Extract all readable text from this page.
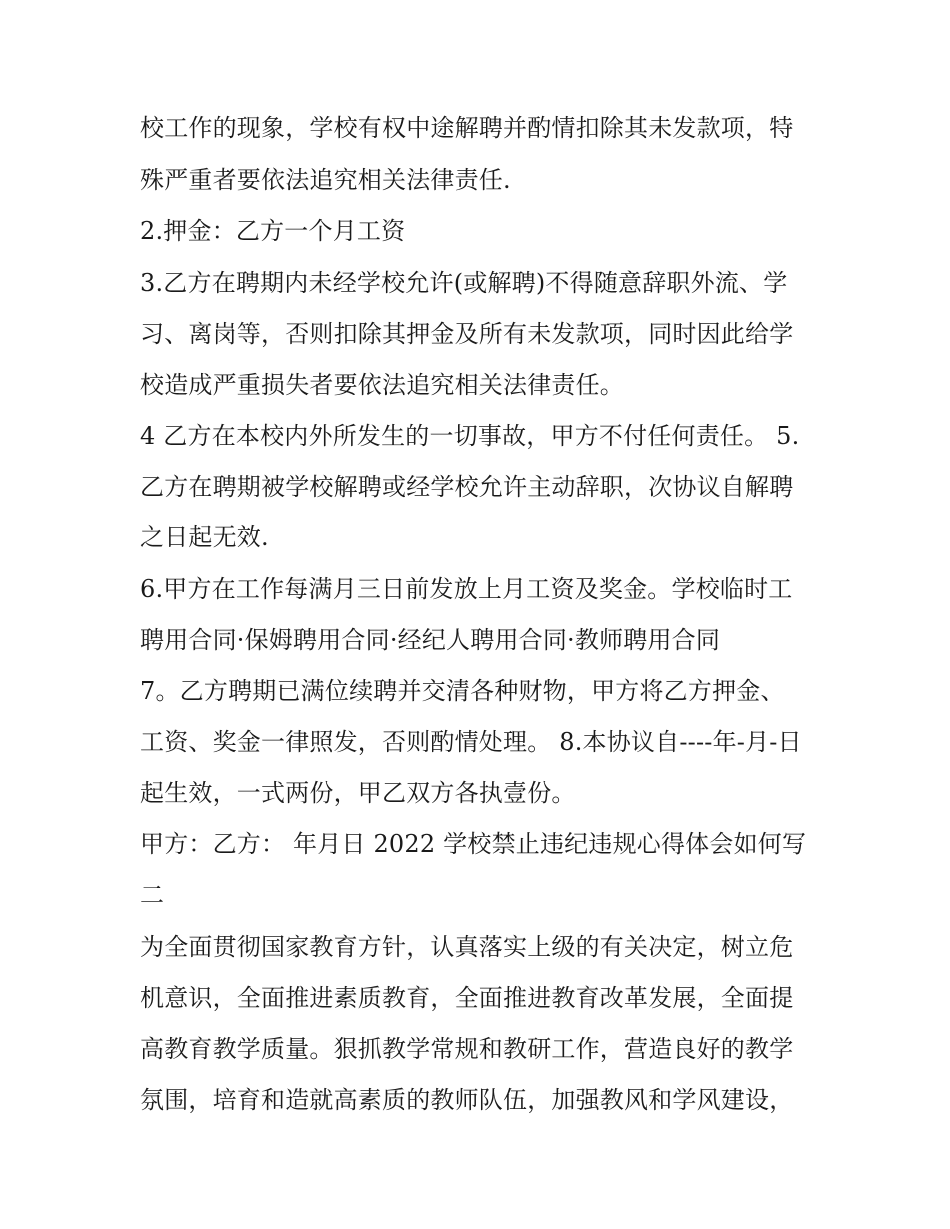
校工作的现象，学校有权中途解聘并酌情扣除其未发款项，特
殊严重者要依法追究相关法律责任.
2.押金：乙方一个月工资
3.乙方在聘期内未经学校允许(或解聘)不得随意辞职外流、学
习、离岗等，否则扣除其押金及所有未发款项，同时因此给学
校造成严重损失者要依法追究相关法律责任。
4 乙方在本校内外所发生的一切事故，甲方不付任何责任。 5.
乙方在聘期被学校解聘或经学校允许主动辞职，次协议自解聘
之日起无效.
6.甲方在工作每满月三日前发放上月工资及奖金。学校临时工
聘用合同·保姆聘用合同·经纪人聘用合同·教师聘用合同
7。乙方聘期已满位续聘并交清各种财物，甲方将乙方押金、
工资、奖金一律照发，否则酌情处理。 8.本协议自----年-月-日
起生效，一式两份，甲乙双方各执壹份。
甲方：乙方： 年月日 2022 学校禁止违纪违规心得体会如何写
二
为全面贯彻国家教育方针，认真落实上级的有关决定，树立危
机意识，全面推进素质教育，全面推进教育改革发展，全面提
高教育教学质量。狠抓教学常规和教研工作，营造良好的教学
氛围，培育和造就高素质的教师队伍，加强教风和学风建设，
